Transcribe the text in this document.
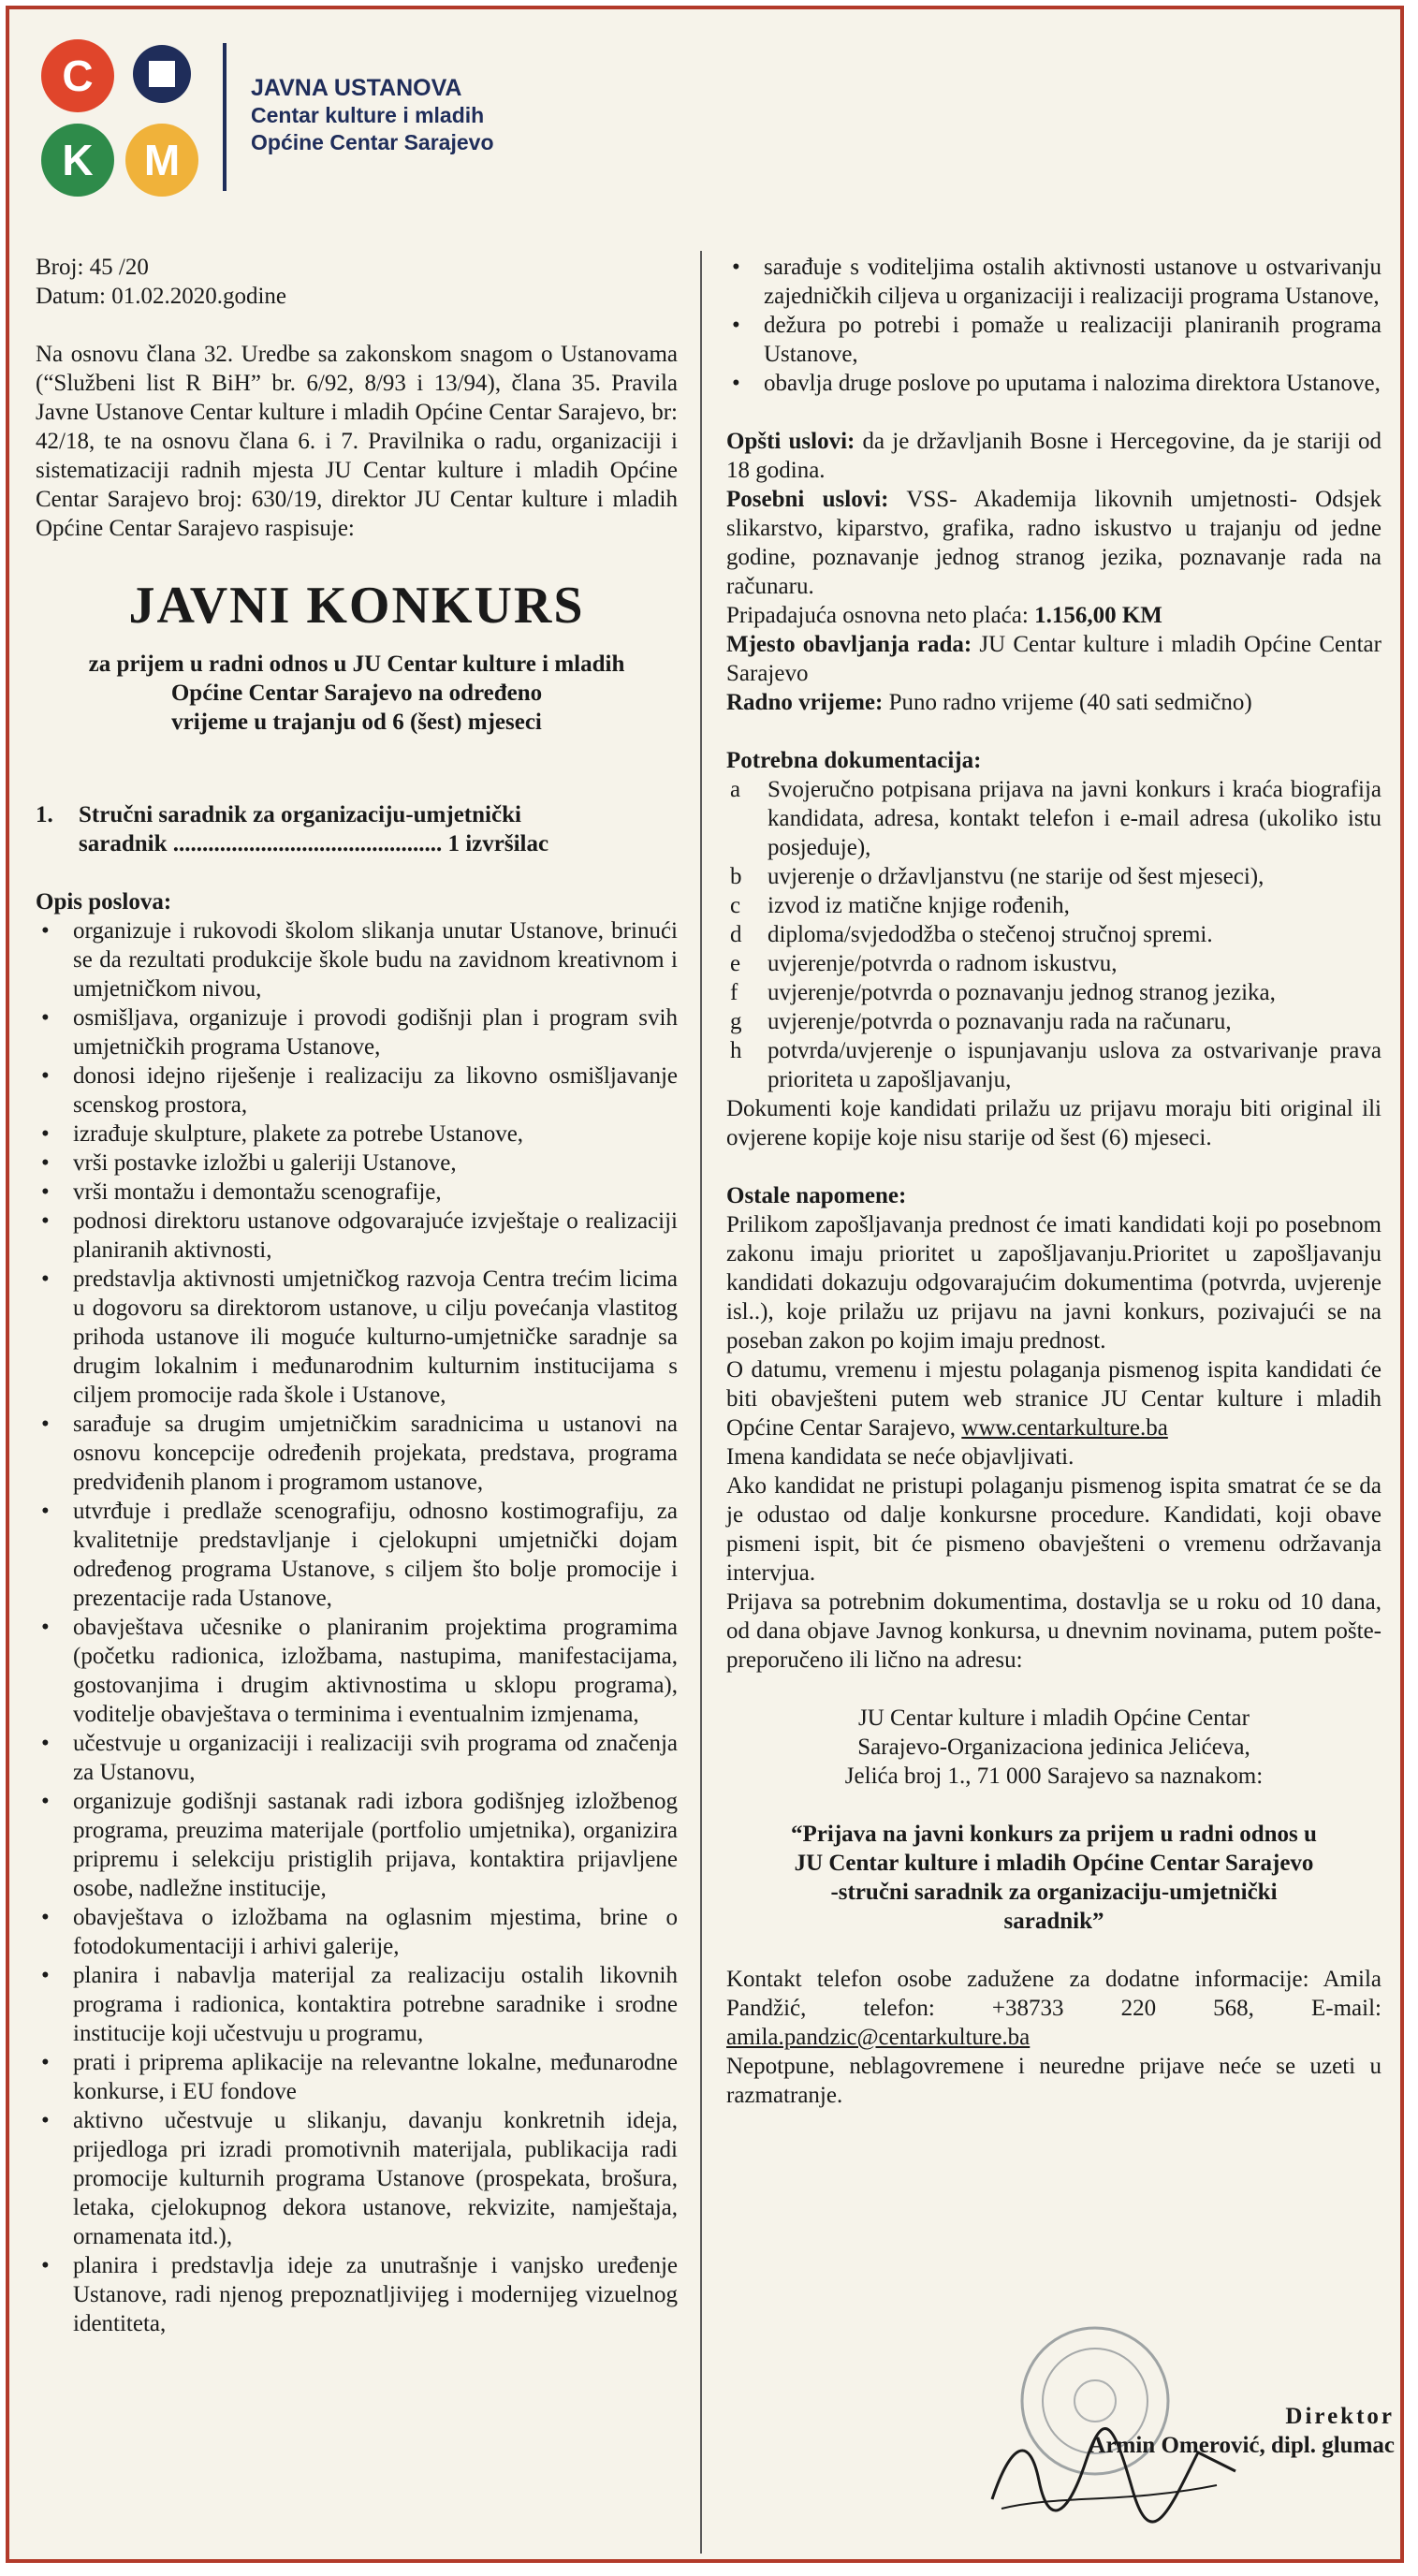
C
K	M
JAVNA USTANOVA
Centar kulture i mladih
Općine Centar Sarajevo

Broj: 45 /20

Datum: 01.02.2020.godine

Na osnovu člana 32. Uredbe sa zakonskom snagom o Ustanovama (“Službeni list R BiH” br. 6/92, 8/93 i 13/94), člana 35. Pravila Javne Ustanove Centar kulture i mladih Općine Centar Sarajevo, br: 42/18, te na osnovu člana 6. i 7. Pravilnika o radu, organizaciji i sistematizaciji radnih mjesta JU Centar kulture i mladih Općine Centar Sarajevo broj: 630/19, direktor JU Centar kulture i mladih Općine Centar Sarajevo raspisuje:

JAVNI KONKURS
za prijem u radni odnos u JU Centar kulture i mladih
Općine Centar Sarajevo na određeno
vrijeme u trajanju od 6 (šest) mjeseci
1.	Stručni saradnik za organizaciju-umjetnički
saradnik .............................................. 1 izvršilac

Opis poslova:

• organizuje i rukovodi školom slikanja unutar Ustanove, brinući se da rezultati produkcije škole budu na zavidnom kreativnom i umjetničkom nivou,
• osmišljava, organizuje i provodi godišnji plan i program svih umjetničkih programa Ustanove,
• donosi idejno riješenje i realizaciju za likovno osmišljavanje scenskog prostora,
• izrađuje skulpture, plakete za potrebe Ustanove,
• vrši postavke izložbi u galeriji Ustanove,
• vrši montažu i demontažu scenografije,
• podnosi direktoru ustanove odgovarajuće izvještaje o realizaciji planiranih aktivnosti,
• predstavlja aktivnosti umjetničkog razvoja Centra trećim licima u dogovoru sa direktorom ustanove, u cilju povećanja vlastitog prihoda ustanove ili moguće kulturno-umjetničke saradnje sa drugim lokalnim i međunarodnim kulturnim institucijama s ciljem promocije rada škole i Ustanove,
• sarađuje sa drugim umjetničkim saradnicima u ustanovi na osnovu koncepcije određenih projekata, predstava, programa predviđenih planom i programom ustanove,
• utvrđuje i predlaže scenografiju, odnosno kostimografiju, za kvalitetnije predstavljanje i cjelokupni umjetnički dojam određenog programa Ustanove, s ciljem što bolje promocije i prezentacije rada Ustanove,
• obavještava učesnike o planiranim projektima programima (početku radionica, izložbama, nastupima, manifestacijama, gostovanjima i drugim aktivnostima u sklopu programa), voditelje obavještava o terminima i eventualnim izmjenama,
• učestvuje u organizaciji i realizaciji svih programa od značenja za Ustanovu,
• organizuje godišnji sastanak radi izbora godišnjeg izložbenog programa, preuzima materijale (portfolio umjetnika), organizira pripremu i selekciju pristiglih prijava, kontaktira prijavljene osobe, nadležne institucije,
• obavještava o izložbama na oglasnim mjestima, brine o fotodokumentaciji i arhivi galerije,
• planira i nabavlja materijal za realizaciju ostalih likovnih programa i radionica, kontaktira potrebne saradnike i srodne institucije koji učestvuju u programu,
• prati i priprema aplikacije na relevantne lokalne, međunarodne konkurse, i EU fondove
• aktivno učestvuje u slikanju, davanju konkretnih ideja, prijedloga pri izradi promotivnih materijala, publikacija radi promocije kulturnih programa Ustanove (prospekata, brošura, letaka, cjelokupnog dekora ustanove, rekvizite, namještaja, ornamenata itd.),
• planira i predstavlja ideje za unutrašnje i vanjsko uređenje Ustanove, radi njenog prepoznatljivijeg i modernijeg vizuelnog identiteta,
• sarađuje s voditeljima ostalih aktivnosti ustanove u ostvarivanju zajedničkih ciljeva u organizaciji i realizaciji programa Ustanove,
• dežura po potrebi i pomaže u realizaciji planiranih programa Ustanove,
• obavlja druge poslove po uputama i nalozima direktora Ustanove,

Opšti uslovi: da je državljanih Bosne i Hercegovine, da je stariji od 18 godina.

Posebni uslovi: VSS- Akademija likovnih umjetnosti- Odsjek slikarstvo, kiparstvo, grafika, radno iskustvo u trajanju od jedne godine, poznavanje jednog stranog jezika, poznavanje rada na računaru.

Pripadajuća osnovna neto plaća: 1.156,00 KM

Mjesto obavljanja rada: JU Centar kulture i mladih Općine Centar Sarajevo

Radno vrijeme: Puno radno vrijeme (40 sati sedmično)

Potrebna dokumentacija:

a Svojeručno potpisana prijava na javni konkurs i kraća biografija kandidata, adresa, kontakt telefon i e-mail adresa (ukoliko istu posjeduje),
b uvjerenje o državljanstvu (ne starije od šest mjeseci),
c izvod iz matične knjige rođenih,
d diploma/svjedodžba o stečenoj stručnoj spremi.
e uvjerenje/potvrda o radnom iskustvu,
f uvjerenje/potvrda o poznavanju jednog stranog jezika,
g uvjerenje/potvrda o poznavanju rada na računaru,
h potvrda/uvjerenje o ispunjavanju uslova za ostvarivanje prava prioriteta u zapošljavanju,

Dokumenti koje kandidati prilažu uz prijavu moraju biti original ili ovjerene kopije koje nisu starije od šest (6) mjeseci.

Ostale napomene:

Prilikom zapošljavanja prednost će imati kandidati koji po posebnom zakonu imaju prioritet u zapošljavanju.Prioritet u zapošljavanju kandidati dokazuju odgovarajućim dokumentima (potvrda, uvjerenje isl..), koje prilažu uz prijavu na javni konkurs, pozivajući se na poseban zakon po kojim imaju prednost.

O datumu, vremenu i mjestu polaganja pismenog ispita kandidati će biti obavješteni putem web stranice JU Centar kulture i mladih Općine Centar Sarajevo, www.centarkulture.ba

Imena kandidata se neće objavljivati.

Ako kandidat ne pristupi polaganju pismenog ispita smatrat će se da je odustao od dalje konkursne procedure. Kandidati, koji obave pismeni ispit, bit će pismeno obavješteni o vremenu održavanja intervjua.

Prijava sa potrebnim dokumentima, dostavlja se u roku od 10 dana, od dana objave Javnog konkursa, u dnevnim novinama, putem pošte-preporučeno ili lično na adresu:

JU Centar kulture i mladih Općine Centar
Sarajevo-Organizaciona jedinica Jelićeva,
Jelića broj 1., 71 000 Sarajevo sa naznakom:
“Prijava na javni konkurs za prijem u radni odnos u
JU Centar kulture i mladih Općine Centar Sarajevo
-stručni saradnik za organizaciju-umjetnički
saradnik”

Kontakt telefon osobe zadužene za dodatne informacije: Amila Pandžić, telefon: +38733 220 568, E-mail: amila.pandzic@centarkulture.ba

Nepotpune, neblagovremene i neuredne prijave neće se uzeti u razmatranje.

Direktor
Armin Omerović, dipl. glumac
